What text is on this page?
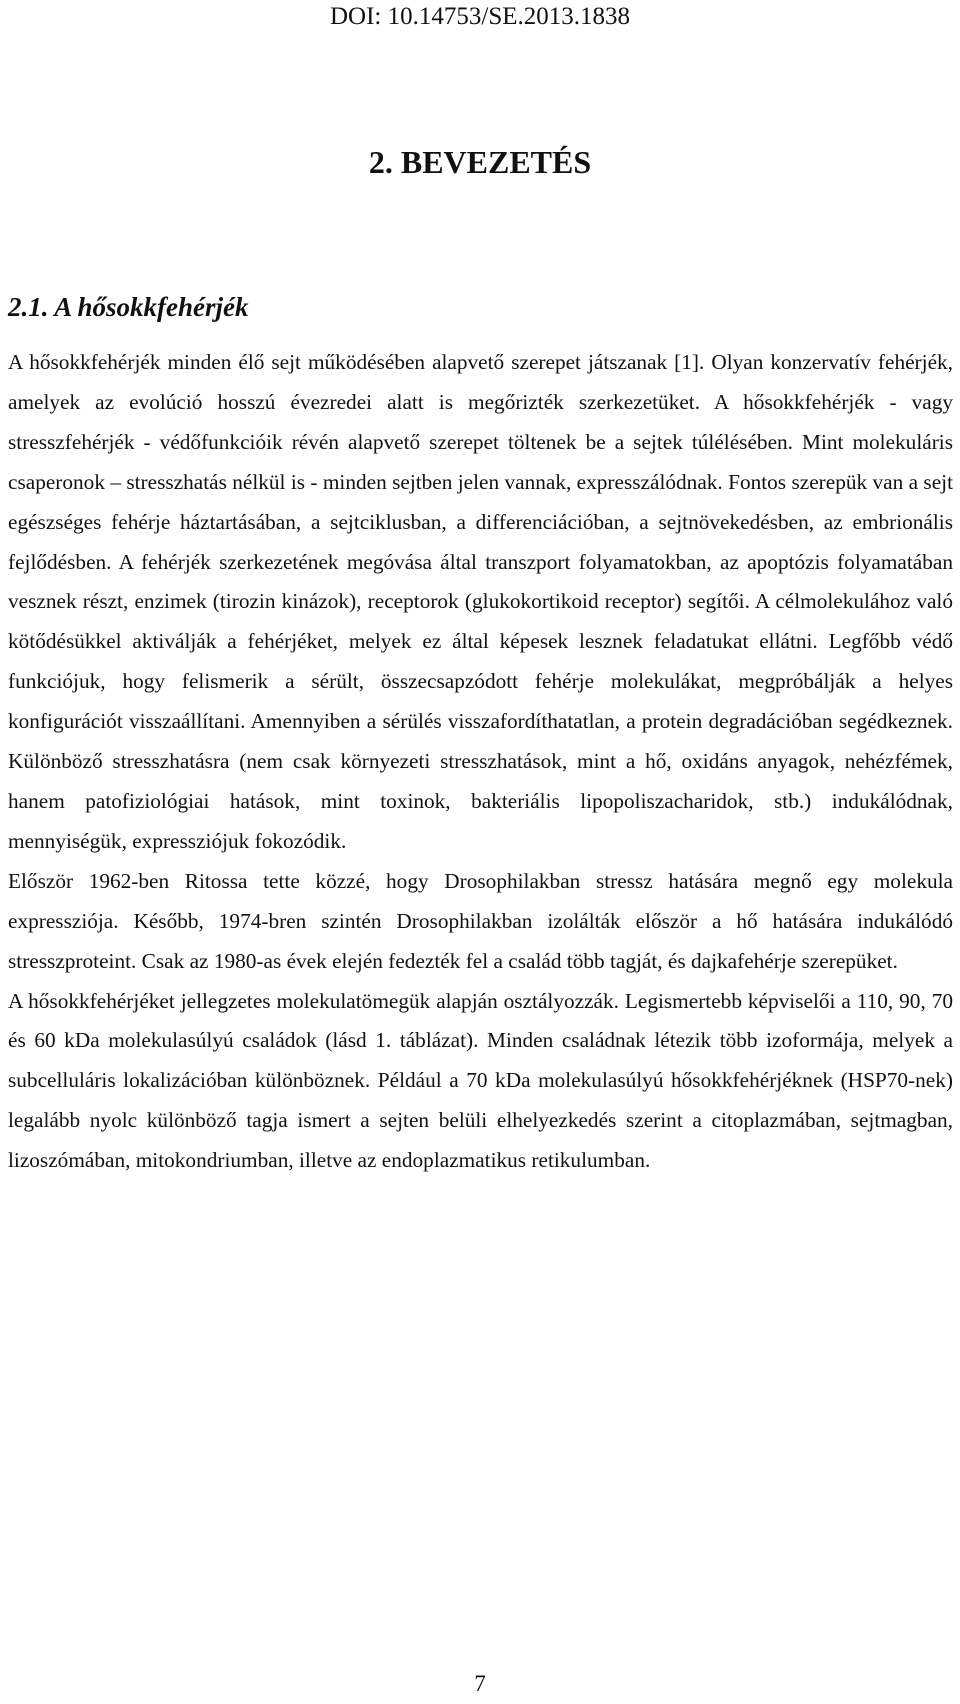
DOI: 10.14753/SE.2013.1838
2. BEVEZETÉS
2.1. A hősokkfehérjék

A hősokkfehérjék minden élő sejt működésében alapvető szerepet játszanak [1]. Olyan konzervatív fehérjék, amelyek az evolúció hosszú évezredei alatt is megőrizték szerkezetüket. A hősokkfehérjék - vagy stresszfehérjék - védőfunkcióik révén alapvető szerepet töltenek be a sejtek túlélésében. Mint molekuláris csaperonok – stresszhatás nélkül is - minden sejtben jelen vannak, expresszálódnak. Fontos szerepük van a sejt egészséges fehérje háztartásában, a sejtciklusban, a differenciációban, a sejtnövekedésben, az embrionális fejlődésben. A fehérjék szerkezetének megóvása által transzport folyamatokban, az apoptózis folyamatában vesznek részt, enzimek (tirozin kinázok), receptorok (glukokortikoid receptor) segítői. A célmolekulához való kötődésükkel aktiválják a fehérjéket, melyek ez által képesek lesznek feladatukat ellátni. Legfőbb védő funkciójuk, hogy felismerik a sérült, összecsapzódott fehérje molekulákat, megpróbálják a helyes konfigurációt visszaállítani. Amennyiben a sérülés visszafordíthatatlan, a protein degradációban segédkeznek. Különböző stresszhatásra (nem csak környezeti stresszhatások, mint a hő, oxidáns anyagok, nehézfémek, hanem patofiziológiai hatások, mint toxinok, bakteriális lipopoliszacharidok, stb.) indukálódnak, mennyiségük, expressziójuk fokozódik.

Először 1962-ben Ritossa tette közzé, hogy Drosophilakban stressz hatására megnő egy molekula expressziója. Később, 1974-bren szintén Drosophilakban izolálták először a hő hatására indukálódó stresszproteint. Csak az 1980-as évek elején fedezték fel a család több tagját, és dajkafehérje szerepüket.

A hősokkfehérjéket jellegzetes molekulatömegük alapján osztályozzák. Legismertebb képviselői a 110, 90, 70 és 60 kDa molekulasúlyú családok (lásd 1. táblázat). Minden családnak létezik több izoformája, melyek a subcelluláris lokalizációban különböznek. Például a 70 kDa molekulasúlyú hősokkfehérjéknek (HSP70-nek) legalább nyolc különböző tagja ismert a sejten belüli elhelyezkedés szerint a citoplazmában, sejtmagban, lizoszómában, mitokondriumban, illetve az endoplazmatikus retikulumban.

7
